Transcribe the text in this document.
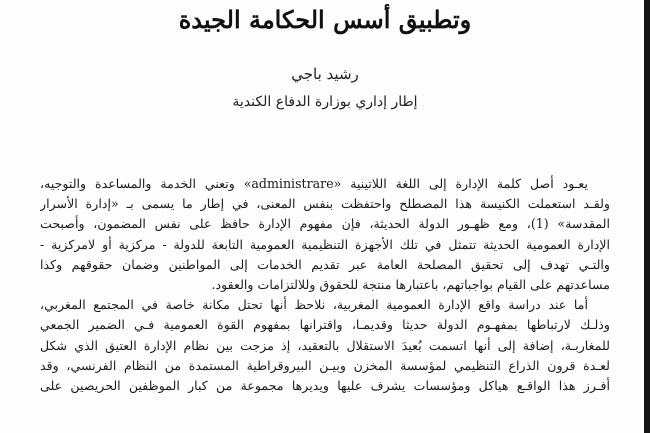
وتطبيق أسس الحكامة الجيدة
رشيد باجي
إطار إداري بوزارة الدفاع الكندية
يعـود أصل كلمة الإدارة إلى اللغة اللاتينية «administrare» وتعني الخدمة والمساعدة والتوجيه،
ولقـد استعملت الكنيسة هذا المصطلح واحتفظت بنفس المعنى، في إطار ما يسمى بـ «إدارة الأسرار
المقدسة» (1)، ومع ظهـور الدولة الحديثة، فإن مفهوم الإدارة حافظ على نفس المضمون، وأصبحت
الإدارة العمومية الحديثة تتمثل في تلك الأجهزة التنظيمية العمومية التابعة للدولة - مركزية أو لامركزية -
والتـي تهدف إلى تحقيق المصلحة العامة عبر تقديم الخدمات إلى المواطنين وضمان حقوقهم وكذا
مساعدتهم على القيام بواجباتهم، باعتبارها منتجة للحقوق وللالتزامات والعقود.
أما عند دراسة واقع الإدارة العمومية المغربية، نلاحظ أنها تحتل مكانة خاصة في المجتمع المغربي،
وذلـك لارتباطها بمفهـوم الدولة حديثا وقديمـا، واقترانها بمفهوم القوة العمومية فـي الضمير الجمعي
للمغاربـة، إضافة إلى أنها اتسمت بُعيدَ الاستقلال بالتعقيد، إذ مزجت بين نظام الإدارة العتيق الذي شكل
لعـدة قرون الذراع التنظيمي لمؤسسة المخزن وبيـن البيروقراطية المستمدة من النظام الفرنسي، وقد
أفـرز هذا الواقـع هياكل ومؤسسات يشرف عليها ويديرها مجموعة من كبار الموظفين الحريصين على
